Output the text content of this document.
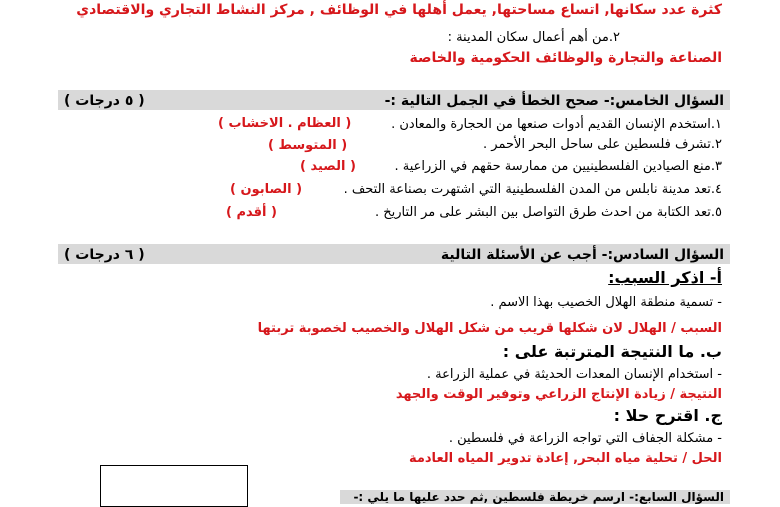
كثرة عدد سكانها, اتساع مساحتها, يعمل أهلها في الوظائف , مركز النشاط التجاري والاقتصادي
٢.من أهم أعمال سكان المدينة :
الصناعة والتجارة والوظائف الحكومية والخاصة
السؤال الخامس:- صحح الخطأ في الجمل التالية :-
( ٥ درجات )
١.استخدم الإنسان القديم أدوات صنعها من الحجارة والمعادن .
( العظام . الاخشاب )
٢.تشرف فلسطين على ساحل البحر الأحمر .
( المتوسط )
٣.منع الصيادين الفلسطينيين من ممارسة حقهم في الزراعية .
( الصيد )
٤.تعد مدينة نابلس من المدن الفلسطينية التي اشتهرت بصناعة التحف .
( الصابون )
٥.تعد الكتابة من احدث طرق التواصل بين البشر على مر التاريخ .
( أقدم )
السؤال السادس:- أجب عن الأسئلة التالية
( ٦ درجات )
أ- اذكر السبب:
- تسمية منطقة الهلال الخصيب بهذا الاسم .
السبب / الهلال لان شكلها قريب من شكل الهلال والخصيب لخصوبة تربتها
ب. ما النتيجة المترتبة على :
- استخدام الإنسان المعدات الحديثة في عملية الزراعة .
النتيجة / زيادة الإنتاج الزراعي وتوفير الوقت والجهد
ج. اقترح حلا :
- مشكلة الجفاف التي تواجه الزراعة في فلسطين .
الحل / تحلية مياه البحر, إعادة تدوير المياه العادمة
السؤال السابع:- ارسم خريطة فلسطين ,ثم حدد عليها ما يلي :-
